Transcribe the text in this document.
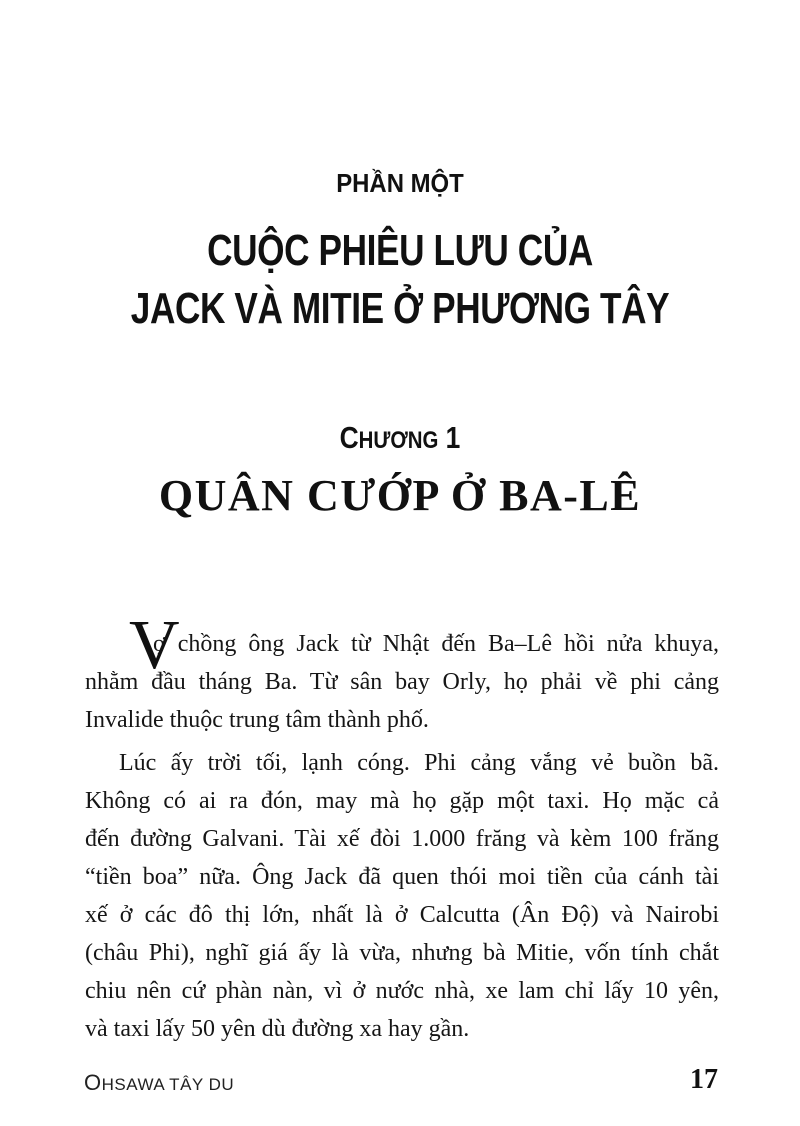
PHẦN MỘT
CUỘC PHIÊU LƯU CỦA
JACK VÀ MITIE Ở PHƯƠNG TÂY
CHƯƠNG 1
QUÂN CƯỚP Ở BA-LÊ
V
ợ chồng ông Jack từ Nhật đến Ba–Lê hồi nửa khuya,
nhằm đầu tháng Ba. Từ sân bay Orly, họ phải về phi cảng
Invalide thuộc trung tâm thành phố.
Lúc ấy trời tối, lạnh cóng. Phi cảng vắng vẻ buồn bã.
Không có ai ra đón, may mà họ gặp một taxi. Họ mặc cả
đến đường Galvani. Tài xế đòi 1.000 frăng và kèm 100 frăng
“tiền boa” nữa. Ông Jack đã quen thói moi tiền của cánh tài
xế ở các đô thị lớn, nhất là ở Calcutta (Ân Độ) và Nairobi
(châu Phi), nghĩ giá ấy là vừa, nhưng bà Mitie, vốn tính chắt
chiu nên cứ phàn nàn, vì ở nước nhà, xe lam chỉ lấy 10 yên,
và taxi lấy 50 yên dù đường xa hay gần.
OHSAWA TÂY DU	17
